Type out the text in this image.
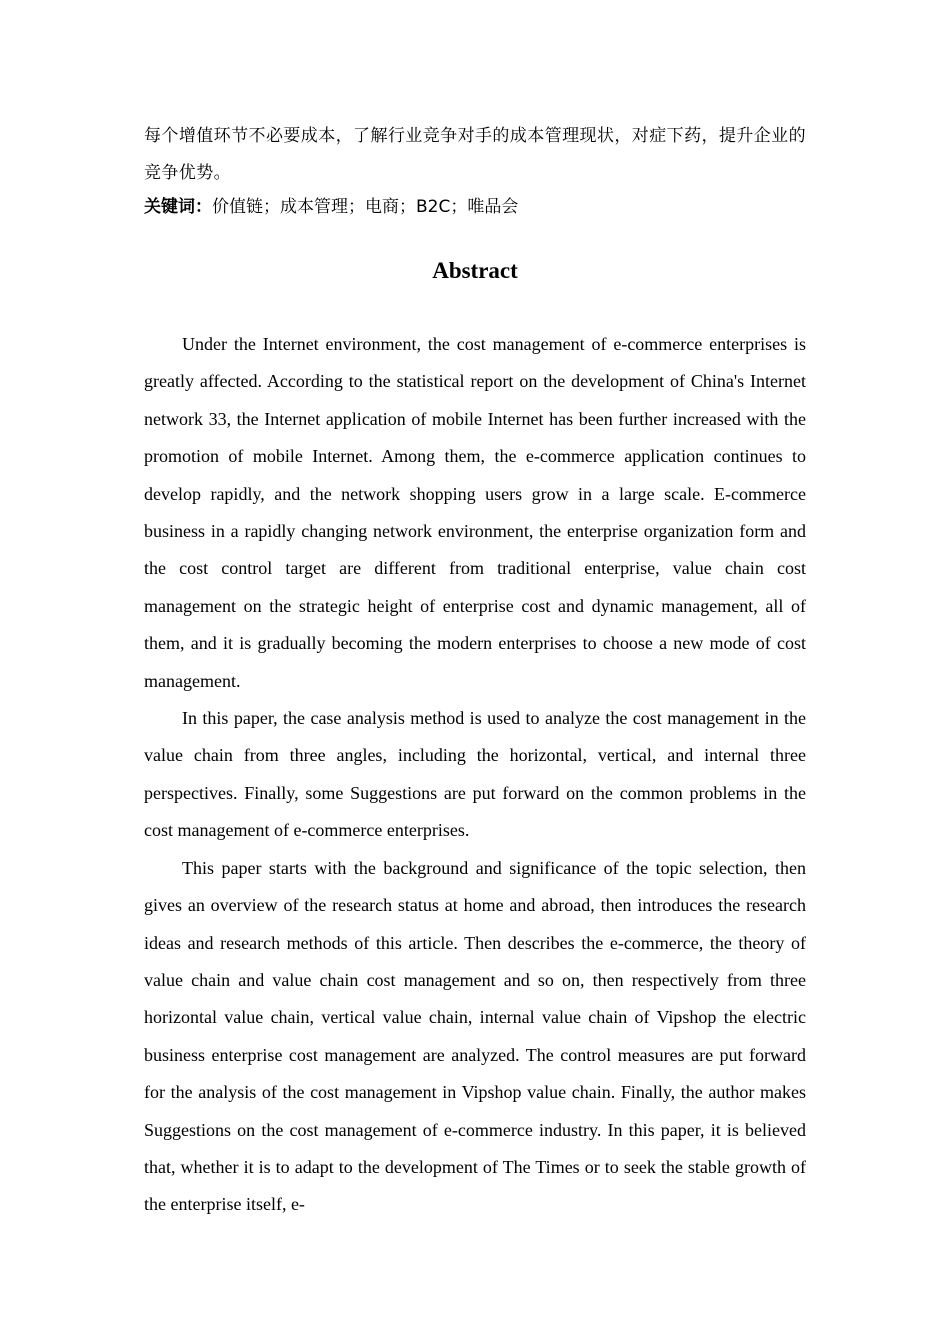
每个增值环节不必要成本，了解行业竞争对手的成本管理现状，对症下药，提升企业的竞争优势。

关键词：价值链；成本管理；电商；B2C；唯品会

Abstract

Under the Internet environment, the cost management of e-commerce enterprises is greatly affected. According to the statistical report on the development of China's Internet network 33, the Internet application of mobile Internet has been further increased with the promotion of mobile Internet. Among them, the e-commerce application continues to develop rapidly, and the network shopping users grow in a large scale. E-commerce business in a rapidly changing network environment, the enterprise organization form and the cost control target are different from traditional enterprise, value chain cost management on the strategic height of enterprise cost and dynamic management, all of them, and it is gradually becoming the modern enterprises to choose a new mode of cost management.

In this paper, the case analysis method is used to analyze the cost management in the value chain from three angles, including the horizontal, vertical, and internal three perspectives. Finally, some Suggestions are put forward on the common problems in the cost management of e-commerce enterprises.

This paper starts with the background and significance of the topic selection, then gives an overview of the research status at home and abroad, then introduces the research ideas and research methods of this article. Then describes the e-commerce, the theory of value chain and value chain cost management and so on, then respectively from three horizontal value chain, vertical value chain, internal value chain of Vipshop the electric business enterprise cost management are analyzed. The control measures are put forward for the analysis of the cost management in Vipshop value chain. Finally, the author makes Suggestions on the cost management of e-commerce industry. In this paper, it is believed that, whether it is to adapt to the development of The Times or to seek the stable growth of the enterprise itself, e-
